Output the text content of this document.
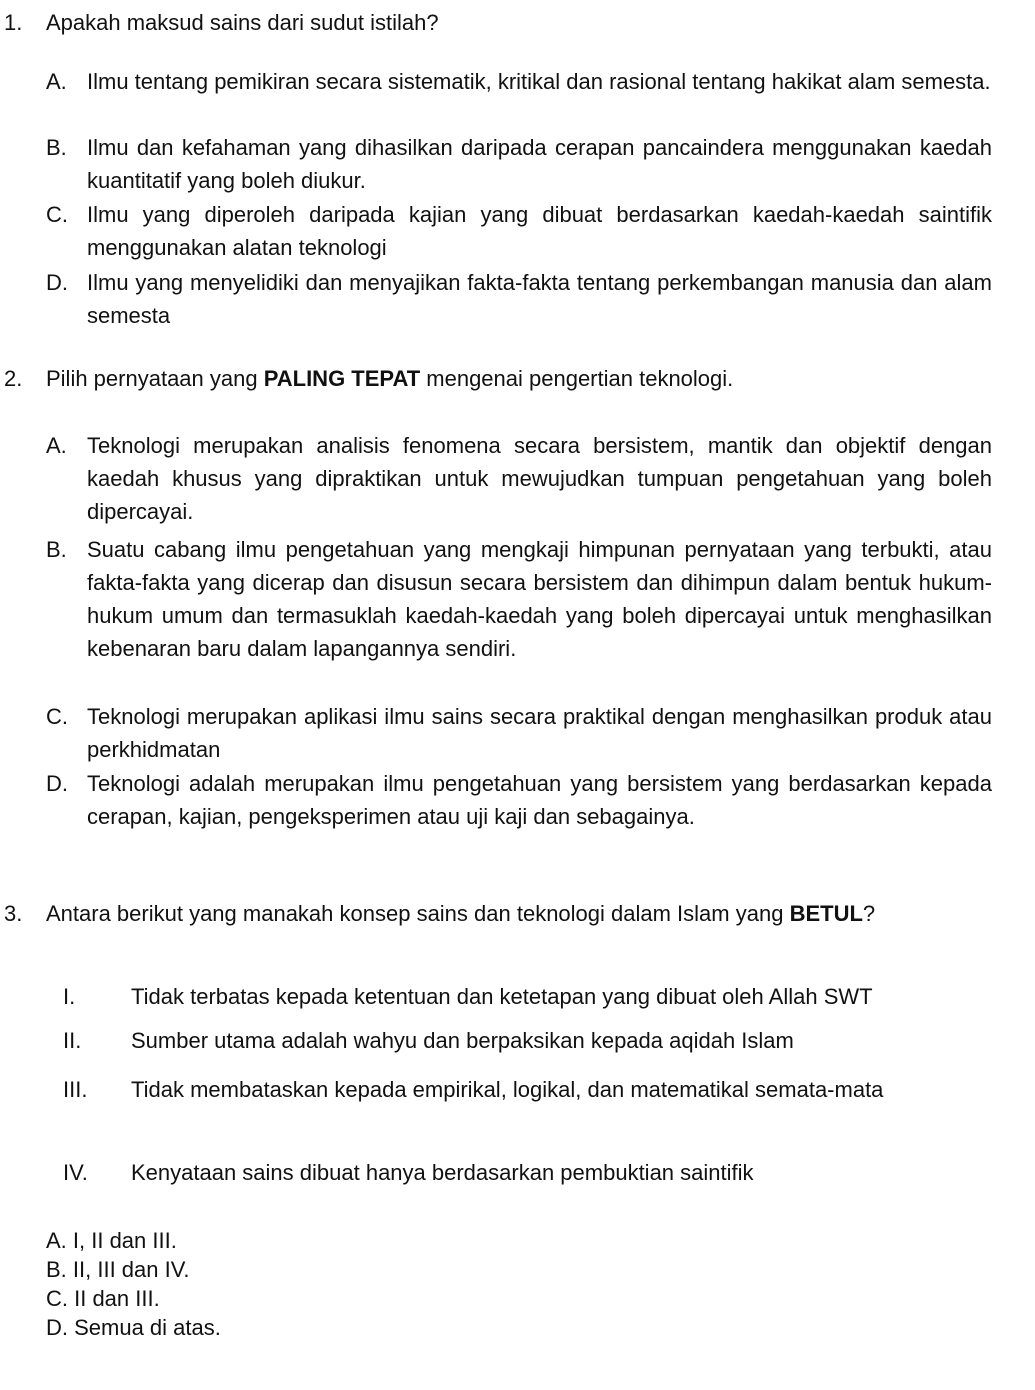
1. Apakah maksud sains dari sudut istilah?
A. Ilmu tentang pemikiran secara sistematik, kritikal dan rasional tentang hakikat alam semesta.
B. Ilmu dan kefahaman yang dihasilkan daripada cerapan pancaindera menggunakan kaedah kuantitatif yang boleh diukur.
C. Ilmu yang diperoleh daripada kajian yang dibuat berdasarkan kaedah-kaedah saintifik menggunakan alatan teknologi
D. Ilmu yang menyelidiki dan menyajikan fakta-fakta tentang perkembangan manusia dan alam semesta
2. Pilih pernyataan yang PALING TEPAT mengenai pengertian teknologi.
A. Teknologi merupakan analisis fenomena secara bersistem, mantik dan objektif dengan kaedah khusus yang dipraktikan untuk mewujudkan tumpuan pengetahuan yang boleh dipercayai.
B. Suatu cabang ilmu pengetahuan yang mengkaji himpunan pernyataan yang terbukti, atau fakta-fakta yang dicerap dan disusun secara bersistem dan dihimpun dalam bentuk hukum-hukum umum dan termasuklah kaedah-kaedah yang boleh dipercayai untuk menghasilkan kebenaran baru dalam lapangannya sendiri.
C. Teknologi merupakan aplikasi ilmu sains secara praktikal dengan menghasilkan produk atau perkhidmatan
D. Teknologi adalah merupakan ilmu pengetahuan yang bersistem yang berdasarkan kepada cerapan, kajian, pengeksperimen atau uji kaji dan sebagainya.
3. Antara berikut yang manakah konsep sains dan teknologi dalam Islam yang BETUL?
I.	Tidak terbatas kepada ketentuan dan ketetapan yang dibuat oleh Allah SWT
II.	Sumber utama adalah wahyu dan berpaksikan kepada aqidah Islam
III.	Tidak membataskan kepada empirikal, logikal, dan matematikal semata-mata
IV.	Kenyataan sains dibuat hanya berdasarkan pembuktian saintifik
A. I, II dan III.
B. II, III dan IV.
C. II dan III.
D. Semua di atas.
